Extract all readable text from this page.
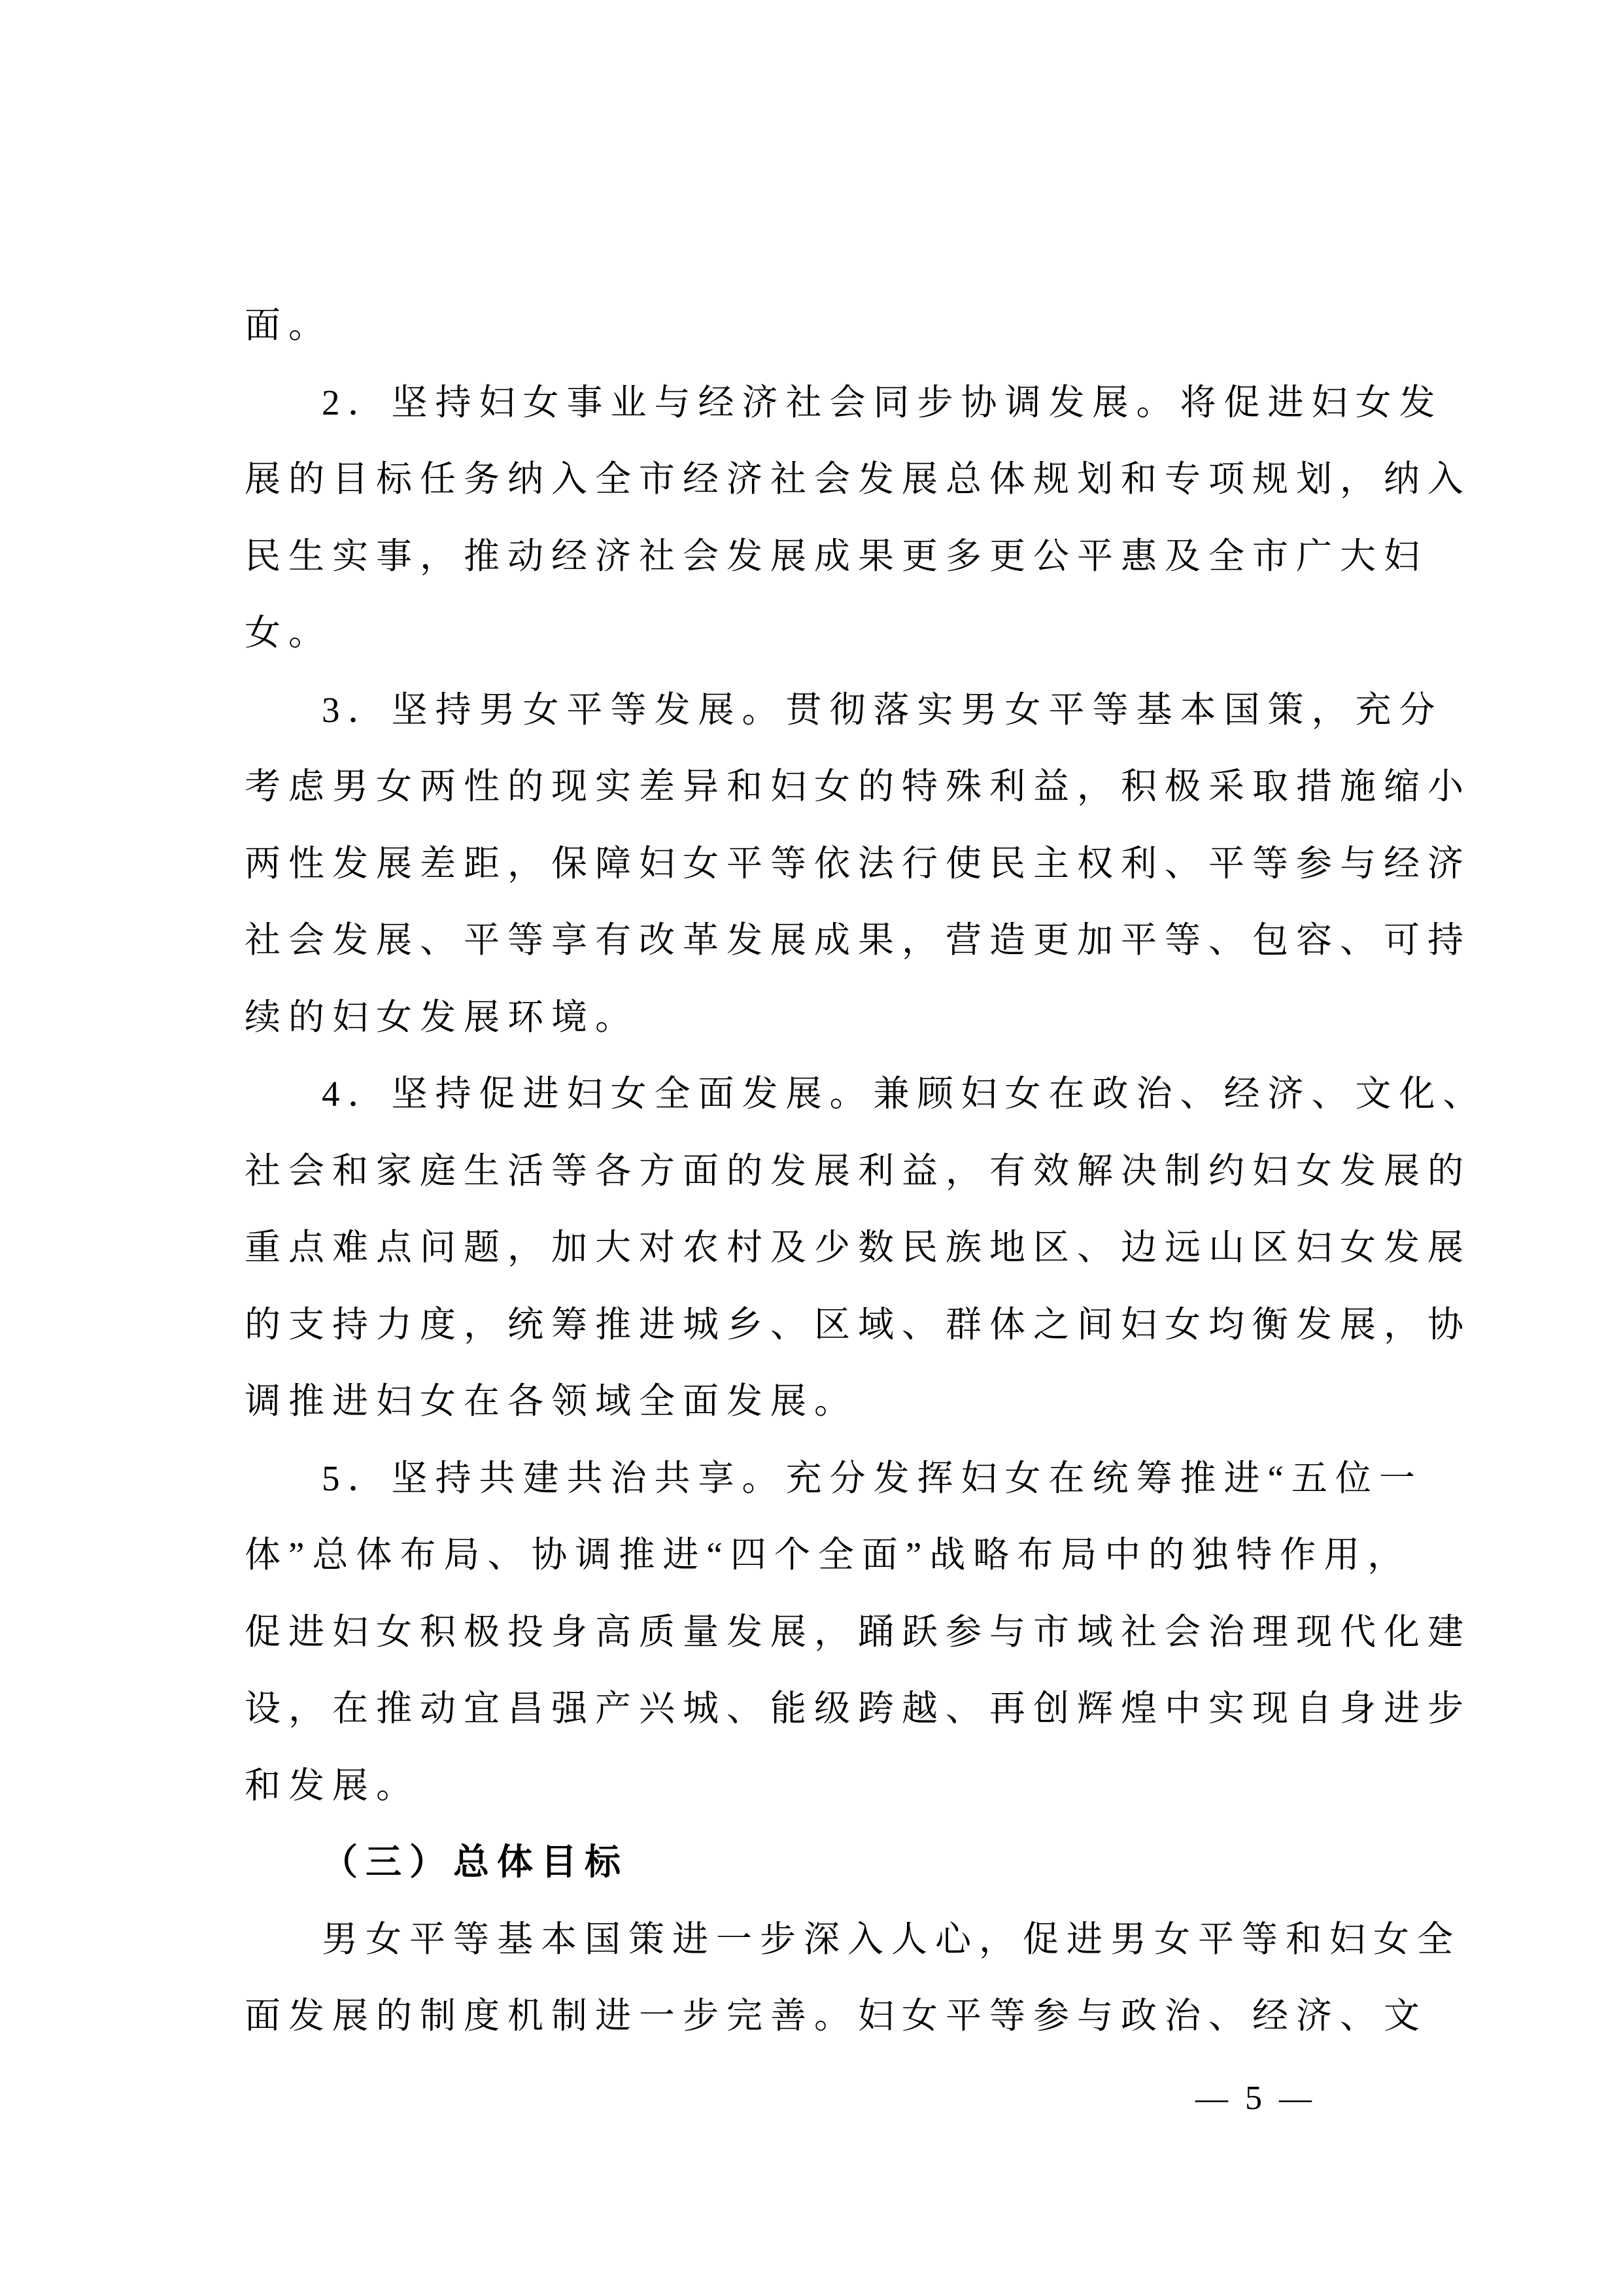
面。
2．坚持妇女事业与经济社会同步协调发展。将促进妇女发
展的目标任务纳入全市经济社会发展总体规划和专项规划，纳入
民生实事，推动经济社会发展成果更多更公平惠及全市广大妇
女。
3．坚持男女平等发展。贯彻落实男女平等基本国策，充分
考虑男女两性的现实差异和妇女的特殊利益，积极采取措施缩小
两性发展差距，保障妇女平等依法行使民主权利、平等参与经济
社会发展、平等享有改革发展成果，营造更加平等、包容、可持
续的妇女发展环境。
4．坚持促进妇女全面发展。兼顾妇女在政治、经济、文化、
社会和家庭生活等各方面的发展利益，有效解决制约妇女发展的
重点难点问题，加大对农村及少数民族地区、边远山区妇女发展
的支持力度，统筹推进城乡、区域、群体之间妇女均衡发展，协
调推进妇女在各领域全面发展。
5．坚持共建共治共享。充分发挥妇女在统筹推进“五位一
体”总体布局、协调推进“四个全面”战略布局中的独特作用，
促进妇女积极投身高质量发展，踊跃参与市域社会治理现代化建
设，在推动宜昌强产兴城、能级跨越、再创辉煌中实现自身进步
和发展。
（三）总体目标
男女平等基本国策进一步深入人心，促进男女平等和妇女全
面发展的制度机制进一步完善。妇女平等参与政治、经济、文
— 5 —
